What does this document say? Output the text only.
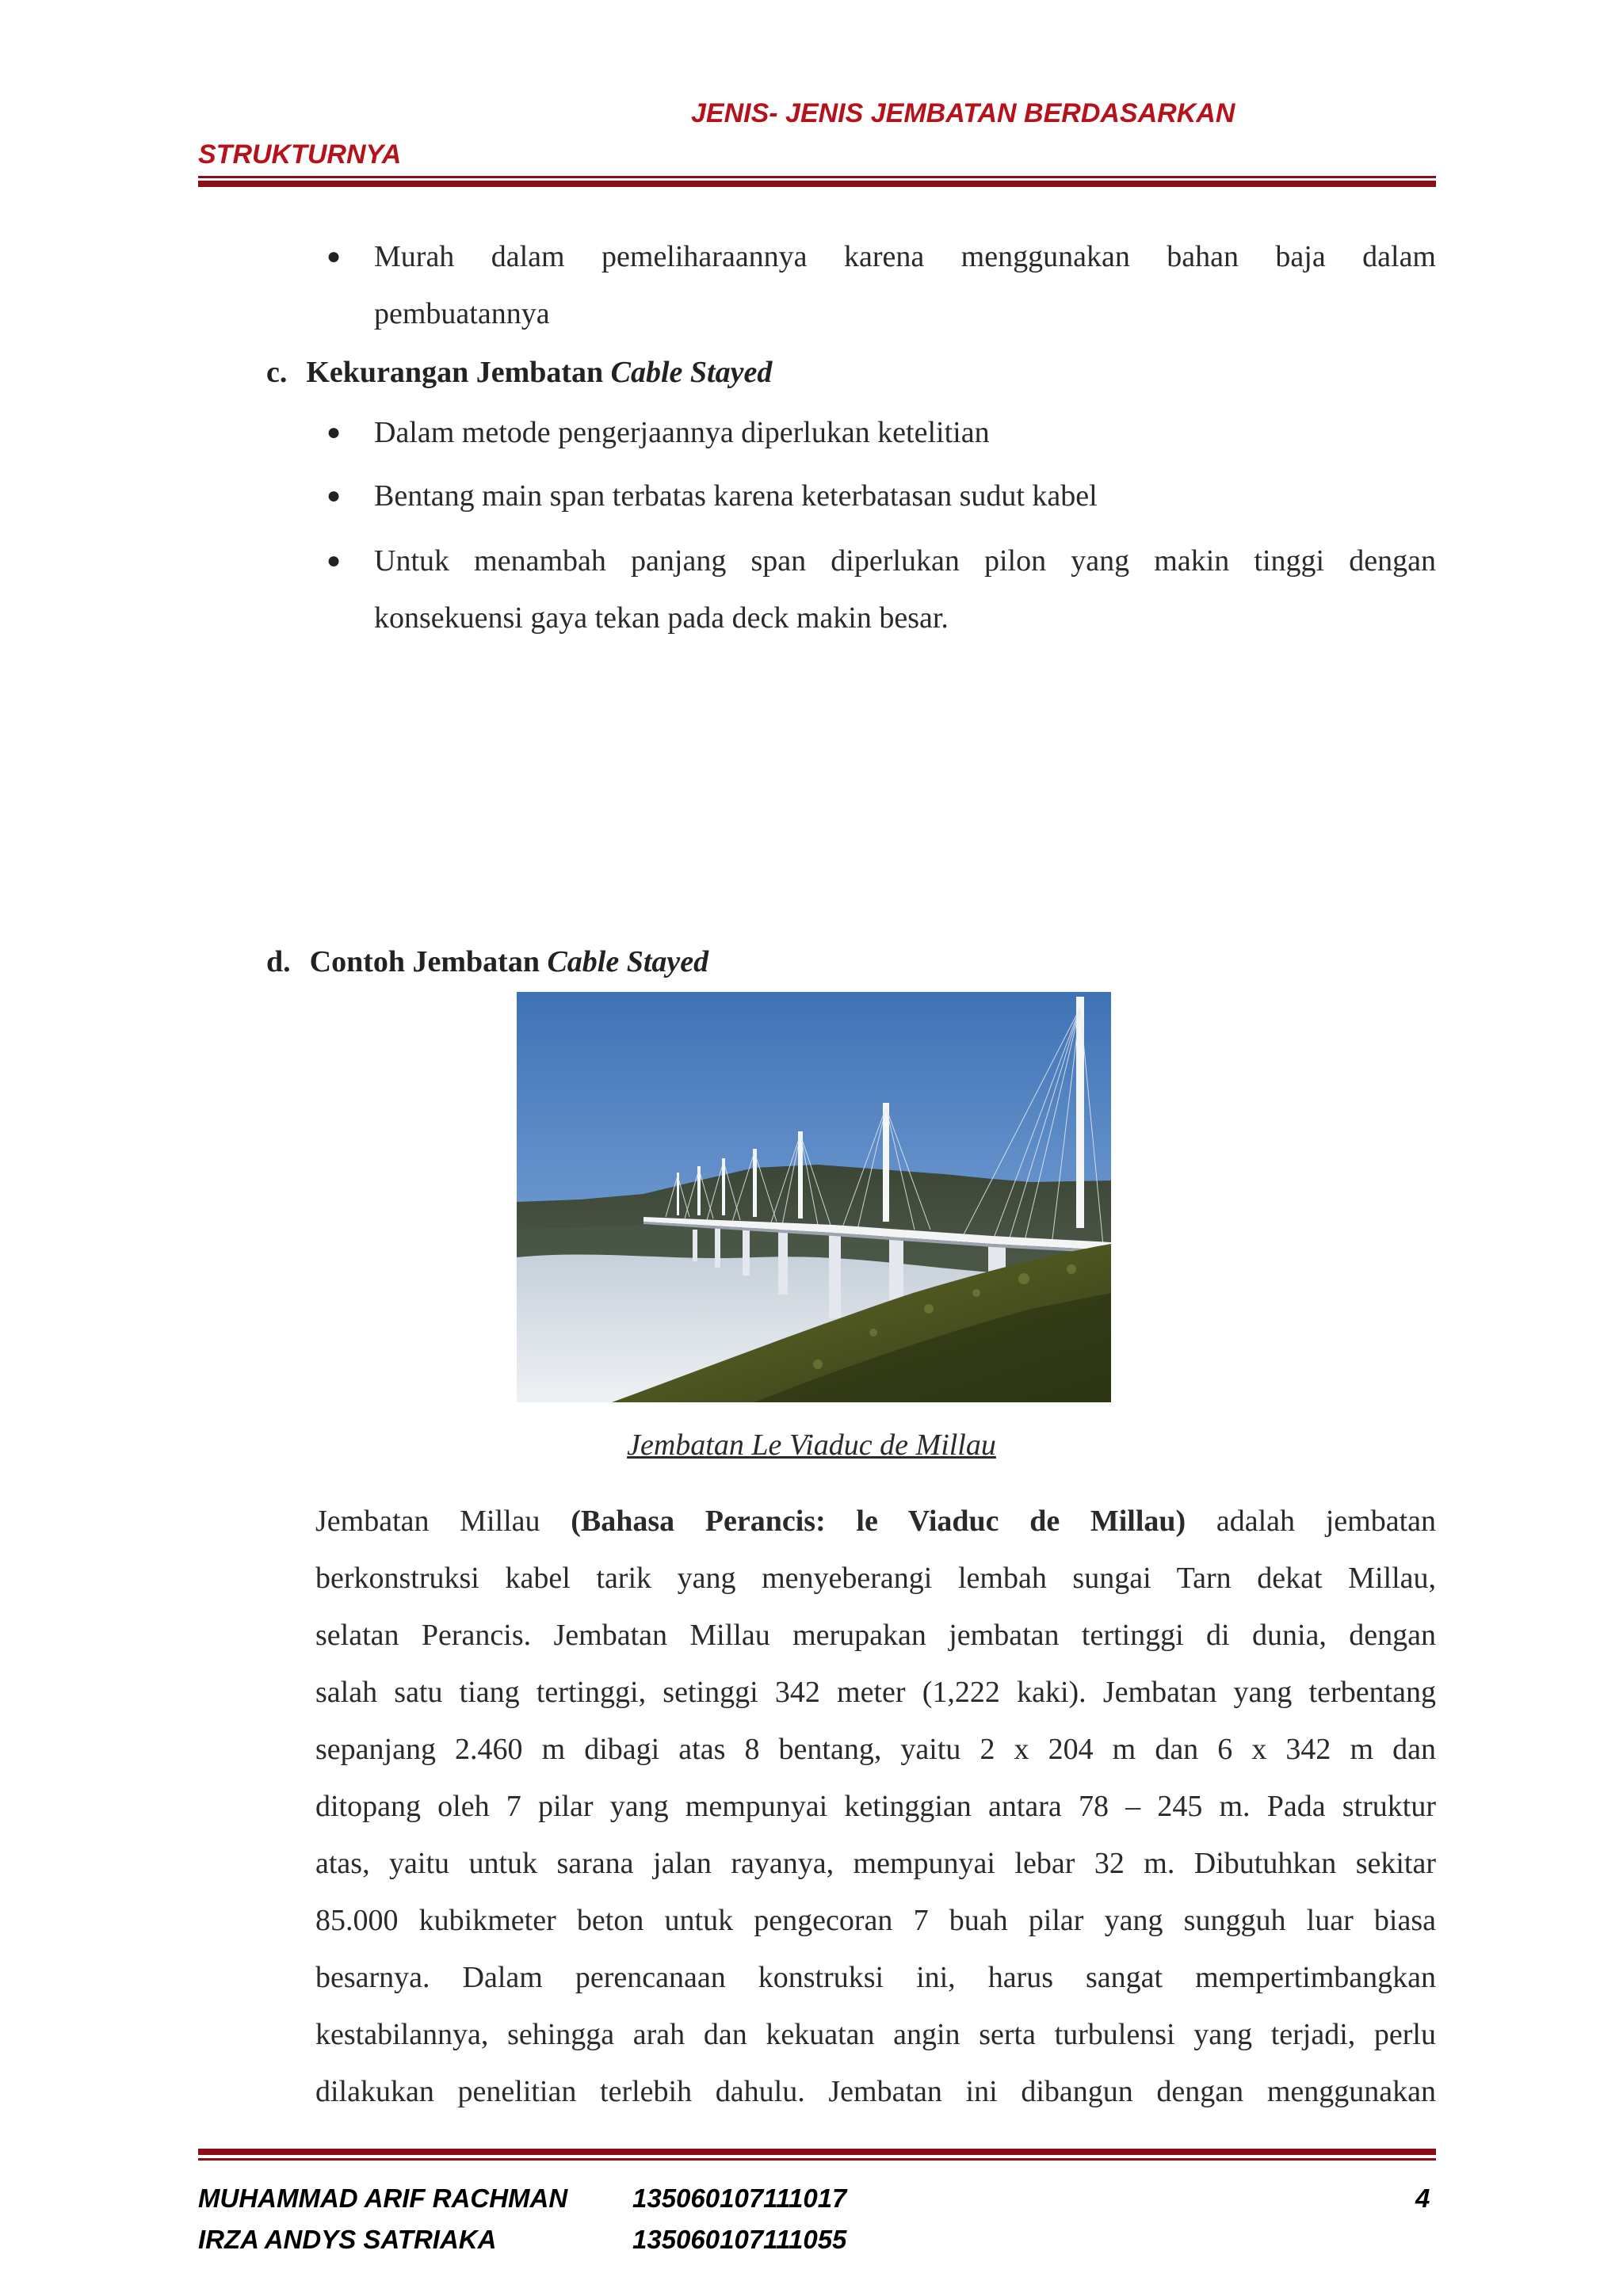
JENIS- JENIS JEMBATAN BERDASARKAN
STRUKTURNYA
● Murah dalam pemeliharaannya karena menggunakan bahan baja dalam
pembuatannya
c. Kekurangan Jembatan Cable Stayed
● Dalam metode pengerjaannya diperlukan ketelitian
● Bentang main span terbatas karena keterbatasan sudut kabel
● Untuk menambah panjang span diperlukan pilon yang makin tinggi dengan
konsekuensi gaya tekan pada deck makin besar.
d. Contoh Jembatan Cable Stayed
Jembatan Le Viaduc de Millau
Jembatan Millau (Bahasa Perancis: le Viaduc de Millau) adalah jembatan
berkonstruksi kabel tarik yang menyeberangi lembah sungai Tarn dekat Millau,
selatan Perancis. Jembatan Millau merupakan jembatan tertinggi di dunia, dengan
salah satu tiang tertinggi, setinggi 342 meter (1,222 kaki). Jembatan yang terbentang
sepanjang 2.460 m dibagi atas 8 bentang, yaitu 2 x 204 m dan 6 x 342 m dan
ditopang oleh 7 pilar yang mempunyai ketinggian antara 78 – 245 m. Pada struktur
atas, yaitu untuk sarana jalan rayanya, mempunyai lebar 32 m. Dibutuhkan sekitar
85.000 kubikmeter beton untuk pengecoran 7 buah pilar yang sungguh luar biasa
besarnya. Dalam perencanaan konstruksi ini, harus sangat mempertimbangkan
kestabilannya, sehingga arah dan kekuatan angin serta turbulensi yang terjadi, perlu
dilakukan penelitian terlebih dahulu. Jembatan ini dibangun dengan menggunakan
MUHAMMAD ARIF RACHMAN 135060107111017	4
IRZA ANDYS SATRIAKA	135060107111055
